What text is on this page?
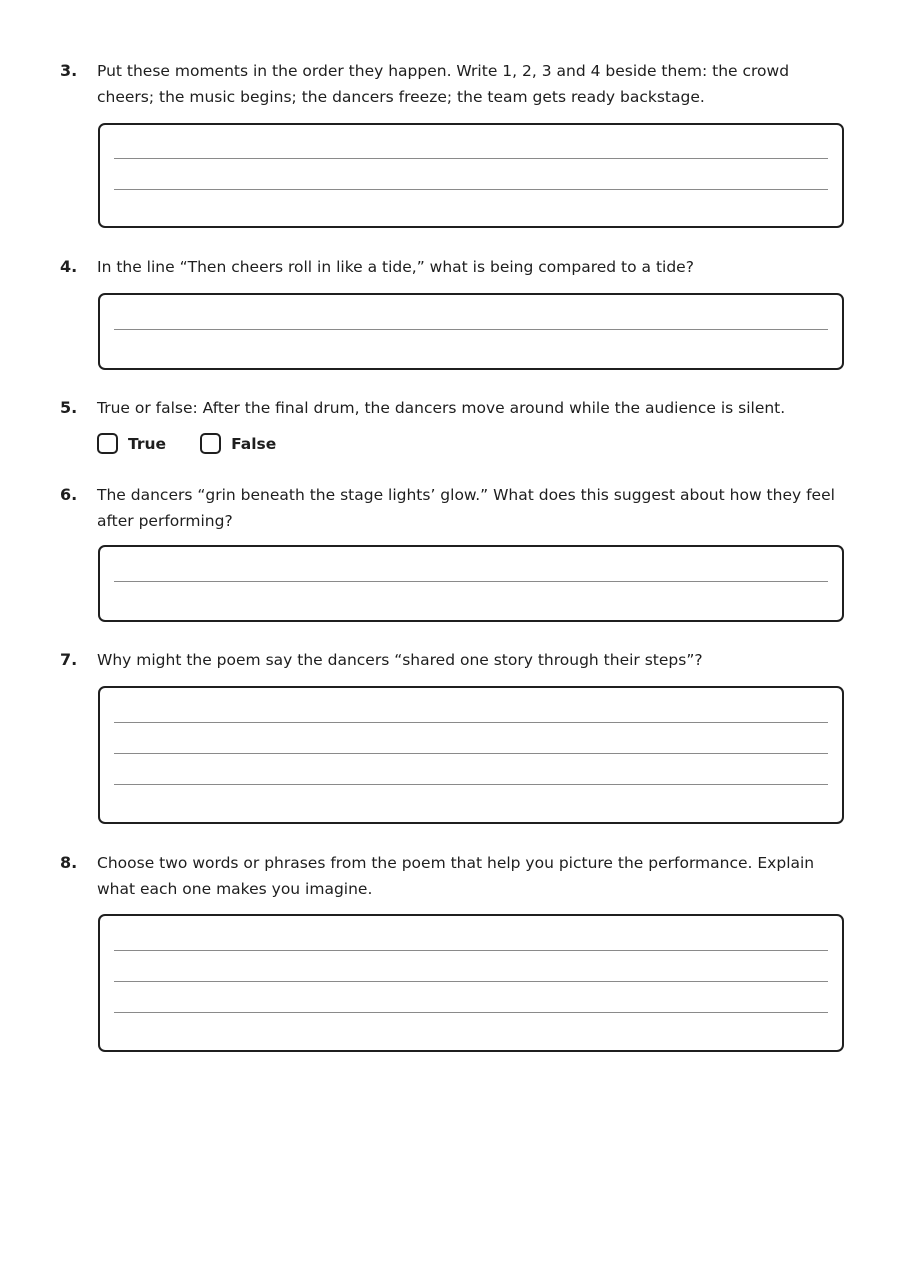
3.	Put these moments in the order they happen. Write 1, 2, 3 and 4 beside them: the crowd cheers; the music begins; the dancers freeze; the team gets ready backstage.
4.	In the line “Then cheers roll in like a tide,” what is being compared to a tide?
5.	True or false: After the final drum, the dancers move around while the audience is silent.
True	False
6.	The dancers “grin beneath the stage lights’ glow.” What does this suggest about how they feel after performing?
7.	Why might the poem say the dancers “shared one story through their steps”?
8.	Choose two words or phrases from the poem that help you picture the performance. Explain what each one makes you imagine.
